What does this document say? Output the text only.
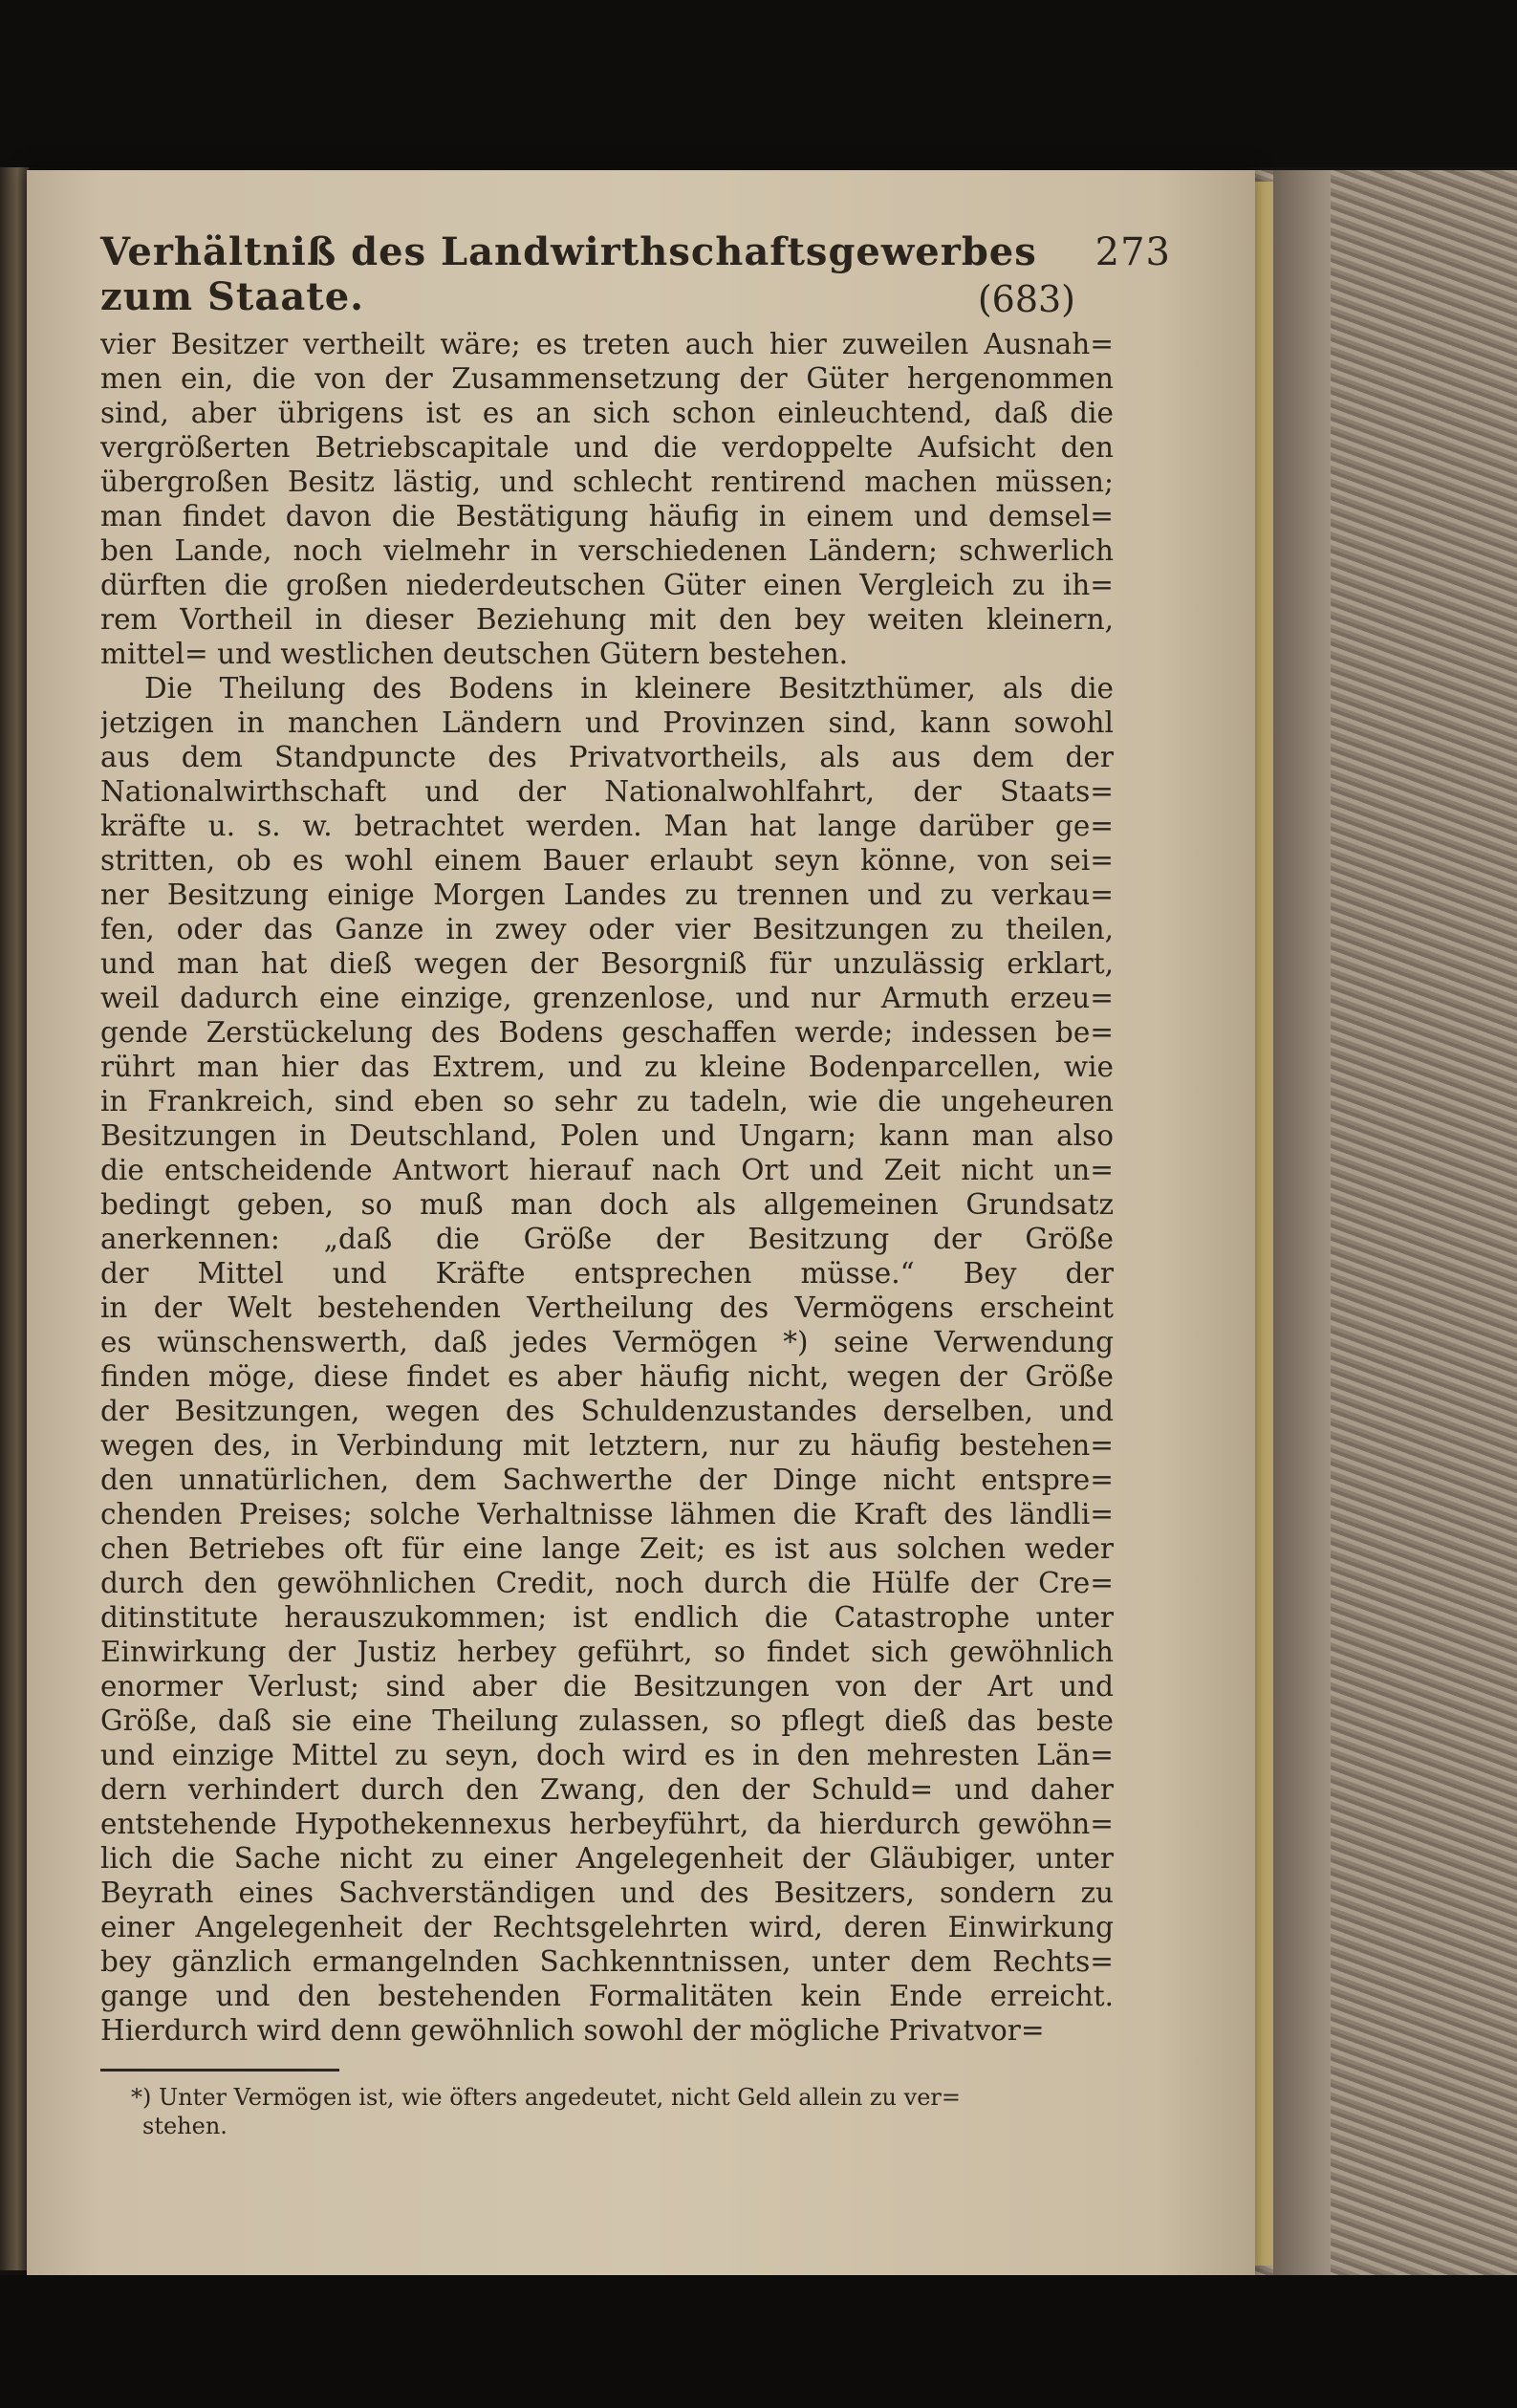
Verhältniß des Landwirthschaftsgewerbes zum Staate.
273
(683)
vier Besitzer vertheilt wäre; es treten auch hier zuweilen Ausnah=
men ein, die von der Zusammensetzung der Güter hergenommen
sind, aber übrigens ist es an sich schon einleuchtend, daß die
vergrößerten Betriebscapitale und die verdoppelte Aufsicht den
übergroßen Besitz lästig, und schlecht rentirend machen müssen;
man findet davon die Bestätigung häufig in einem und demsel=
ben Lande, noch vielmehr in verschiedenen Ländern; schwerlich
dürften die großen niederdeutschen Güter einen Vergleich zu ih=
rem Vortheil in dieser Beziehung mit den bey weiten kleinern,
mittel= und westlichen deutschen Gütern bestehen.
Die Theilung des Bodens in kleinere Besitzthümer, als die
jetzigen in manchen Ländern und Provinzen sind, kann sowohl
aus dem Standpuncte des Privatvortheils, als aus dem der
Nationalwirthschaft und der Nationalwohlfahrt, der Staats=
kräfte u. s. w. betrachtet werden. Man hat lange darüber ge=
stritten, ob es wohl einem Bauer erlaubt seyn könne, von sei=
ner Besitzung einige Morgen Landes zu trennen und zu verkau=
fen, oder das Ganze in zwey oder vier Besitzungen zu theilen,
und man hat dieß wegen der Besorgniß für unzulässig erklart,
weil dadurch eine einzige, grenzenlose, und nur Armuth erzeu=
gende Zerstückelung des Bodens geschaffen werde; indessen be=
rührt man hier das Extrem, und zu kleine Bodenparcellen, wie
in Frankreich, sind eben so sehr zu tadeln, wie die ungeheuren
Besitzungen in Deutschland, Polen und Ungarn; kann man also
die entscheidende Antwort hierauf nach Ort und Zeit nicht un=
bedingt geben, so muß man doch als allgemeinen Grundsatz
anerkennen: „daß die Größe der Besitzung der Größe
der Mittel und Kräfte entsprechen müsse.“ Bey der
in der Welt bestehenden Vertheilung des Vermögens erscheint
es wünschenswerth, daß jedes Vermögen *) seine Verwendung
finden möge, diese findet es aber häufig nicht, wegen der Größe
der Besitzungen, wegen des Schuldenzustandes derselben, und
wegen des, in Verbindung mit letztern, nur zu häufig bestehen=
den unnatürlichen, dem Sachwerthe der Dinge nicht entspre=
chenden Preises; solche Verhaltnisse lähmen die Kraft des ländli=
chen Betriebes oft für eine lange Zeit; es ist aus solchen weder
durch den gewöhnlichen Credit, noch durch die Hülfe der Cre=
ditinstitute herauszukommen; ist endlich die Catastrophe unter
Einwirkung der Justiz herbey geführt, so findet sich gewöhnlich
enormer Verlust; sind aber die Besitzungen von der Art und
Größe, daß sie eine Theilung zulassen, so pflegt dieß das beste
und einzige Mittel zu seyn, doch wird es in den mehresten Län=
dern verhindert durch den Zwang, den der Schuld= und daher
entstehende Hypothekennexus herbeyführt, da hierdurch gewöhn=
lich die Sache nicht zu einer Angelegenheit der Gläubiger, unter
Beyrath eines Sachverständigen und des Besitzers, sondern zu
einer Angelegenheit der Rechtsgelehrten wird, deren Einwirkung
bey gänzlich ermangelnden Sachkenntnissen, unter dem Rechts=
gange und den bestehenden Formalitäten kein Ende erreicht.
Hierdurch wird denn gewöhnlich sowohl der mögliche Privatvor=
*) Unter Vermögen ist, wie öfters angedeutet, nicht Geld allein zu ver=
stehen.
